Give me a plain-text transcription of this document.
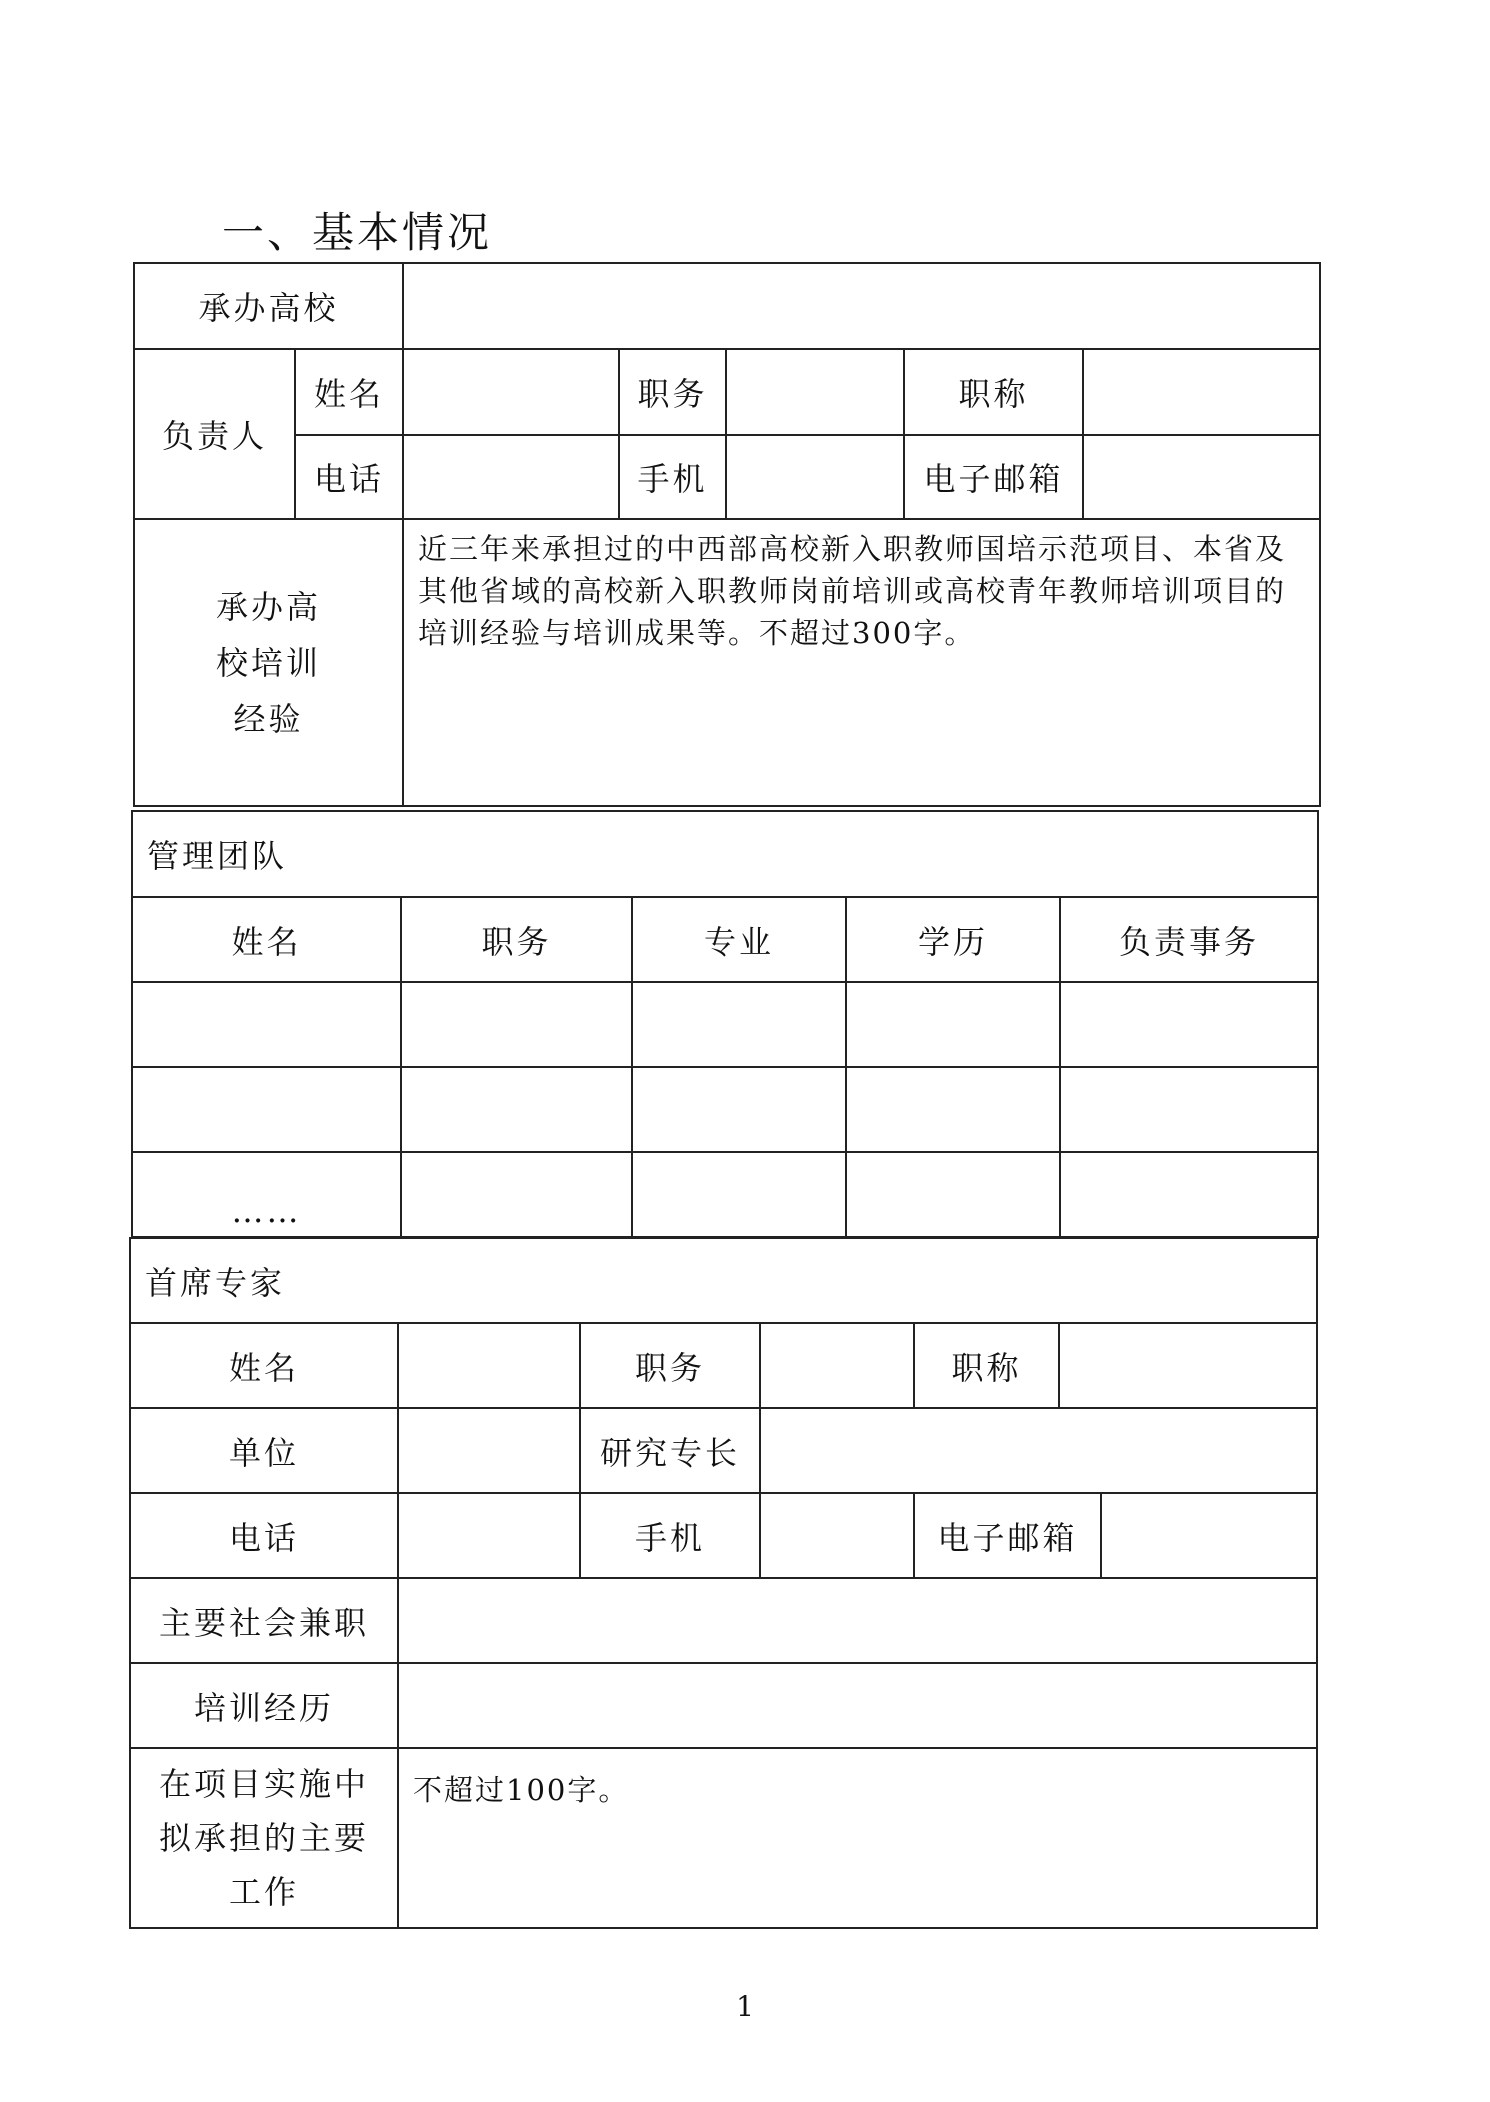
一、基本情况
承办高校						
负责人	姓名		职务		职称	
	电话		手机		电子邮箱	

承办高
校培训
经验		近三年来承担过的中西部高校新入职教师国培示范项目、本省及其他省域的高校新入职教师岗前培训或高校青年教师培训项目的培训经验与培训成果等。不超过300字。				
管理团队				
姓名	职务	专业	学历	负责事务

……				
首席专家				
姓名		职务		职称

单位		研究专长		
电话		手机		电子邮箱

主要社会兼职				
培训经历				

在项目实施中
拟承担的主要
工作	不超过100字。			
1
